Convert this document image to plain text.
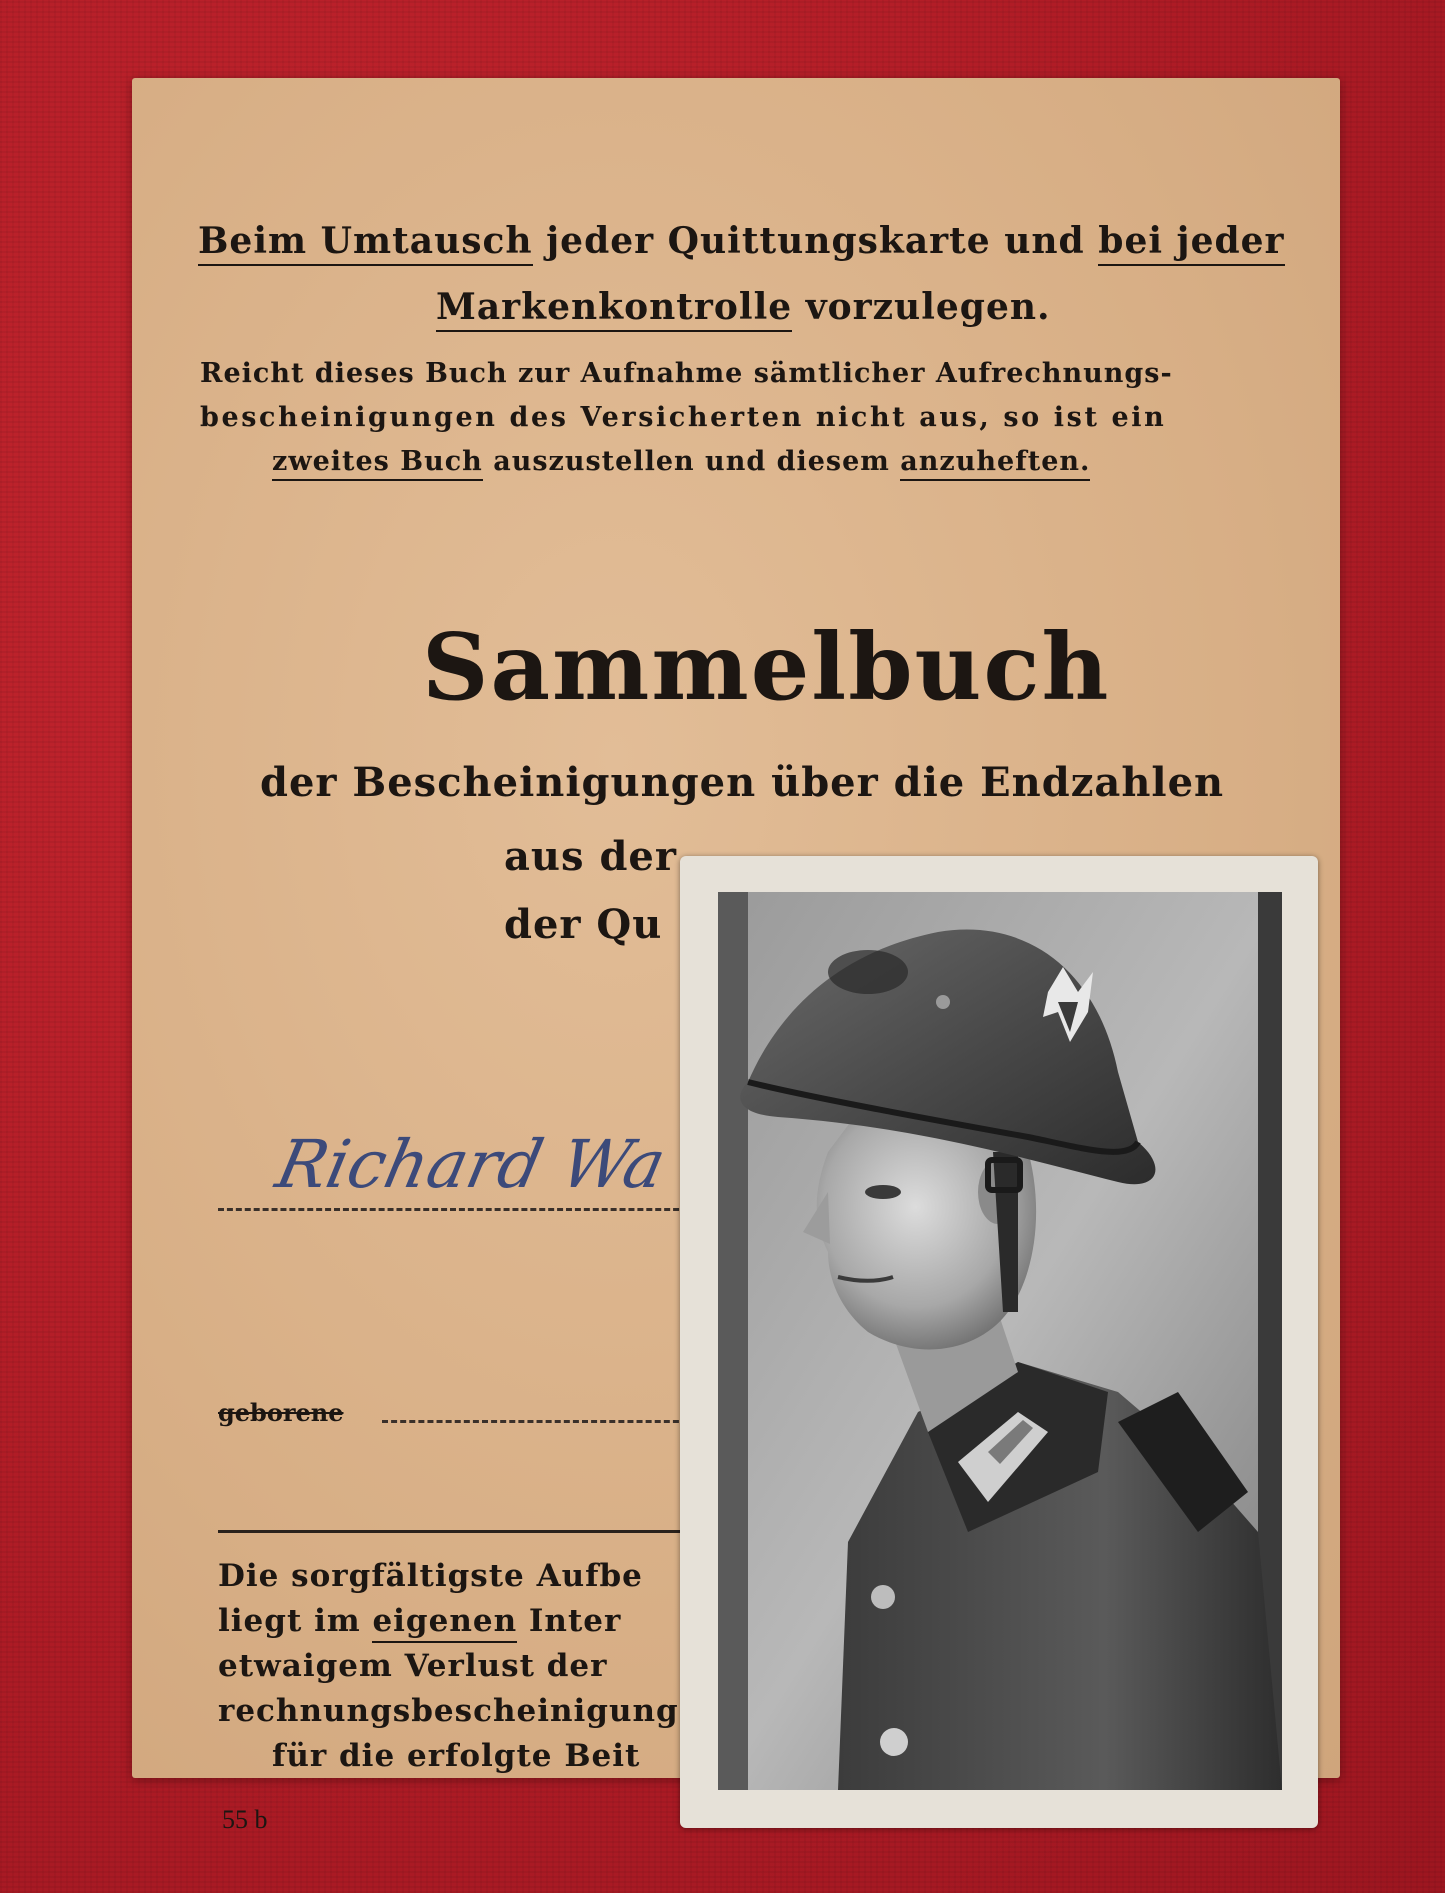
Beim Umtausch jeder Quittungskarte und bei jeder
Markenkontrolle vorzulegen.
Reicht dieses Buch zur Aufnahme sämtlicher Aufrechnungs-
bescheinigungen des Versicherten nicht aus, so ist ein
zweites Buch auszustellen und diesem anzuheften.
Sammelbuch
der Bescheinigungen über die Endzahlen
aus der
der Qu
Richard Wa
geborene
Die sorgfältigste Aufbe
liegt im eigenen Inter
etwaigem Verlust der
rechnungsbescheinigung
für die erfolgte Beit
55 b
